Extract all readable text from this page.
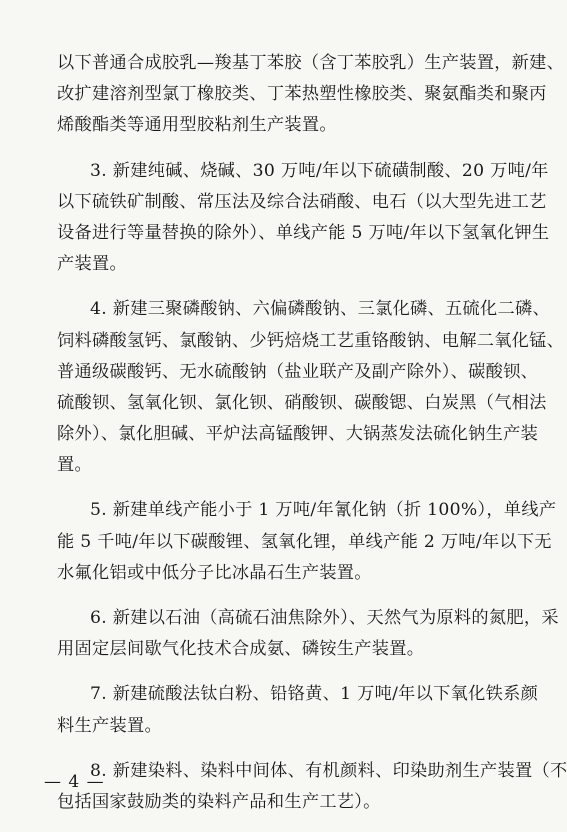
以下普通合成胶乳—羧基丁苯胶（含丁苯胶乳）生产装置，新建、
改扩建溶剂型氯丁橡胶类、丁苯热塑性橡胶类、聚氨酯类和聚丙
烯酸酯类等通用型胶粘剂生产装置。
3. 新建纯碱、烧碱、30 万吨/年以下硫磺制酸、20 万吨/年
以下硫铁矿制酸、常压法及综合法硝酸、电石（以大型先进工艺
设备进行等量替换的除外）、单线产能 5 万吨/年以下氢氧化钾生
产装置。
4. 新建三聚磷酸钠、六偏磷酸钠、三氯化磷、五硫化二磷、
饲料磷酸氢钙、氯酸钠、少钙焙烧工艺重铬酸钠、电解二氧化锰、
普通级碳酸钙、无水硫酸钠（盐业联产及副产除外）、碳酸钡、
硫酸钡、氢氧化钡、氯化钡、硝酸钡、碳酸锶、白炭黑（气相法
除外）、氯化胆碱、平炉法高锰酸钾、大锅蒸发法硫化钠生产装
置。
5. 新建单线产能小于 1 万吨/年氰化钠（折 100%），单线产
能 5 千吨/年以下碳酸锂、氢氧化锂，单线产能 2 万吨/年以下无
水氟化铝或中低分子比冰晶石生产装置。
6. 新建以石油（高硫石油焦除外）、天然气为原料的氮肥，采
用固定层间歇气化技术合成氨、磷铵生产装置。
7. 新建硫酸法钛白粉、铅铬黄、1 万吨/年以下氧化铁系颜
料生产装置。
8. 新建染料、染料中间体、有机颜料、印染助剂生产装置（不
包括国家鼓励类的染料产品和生产工艺）。
— 4 —
